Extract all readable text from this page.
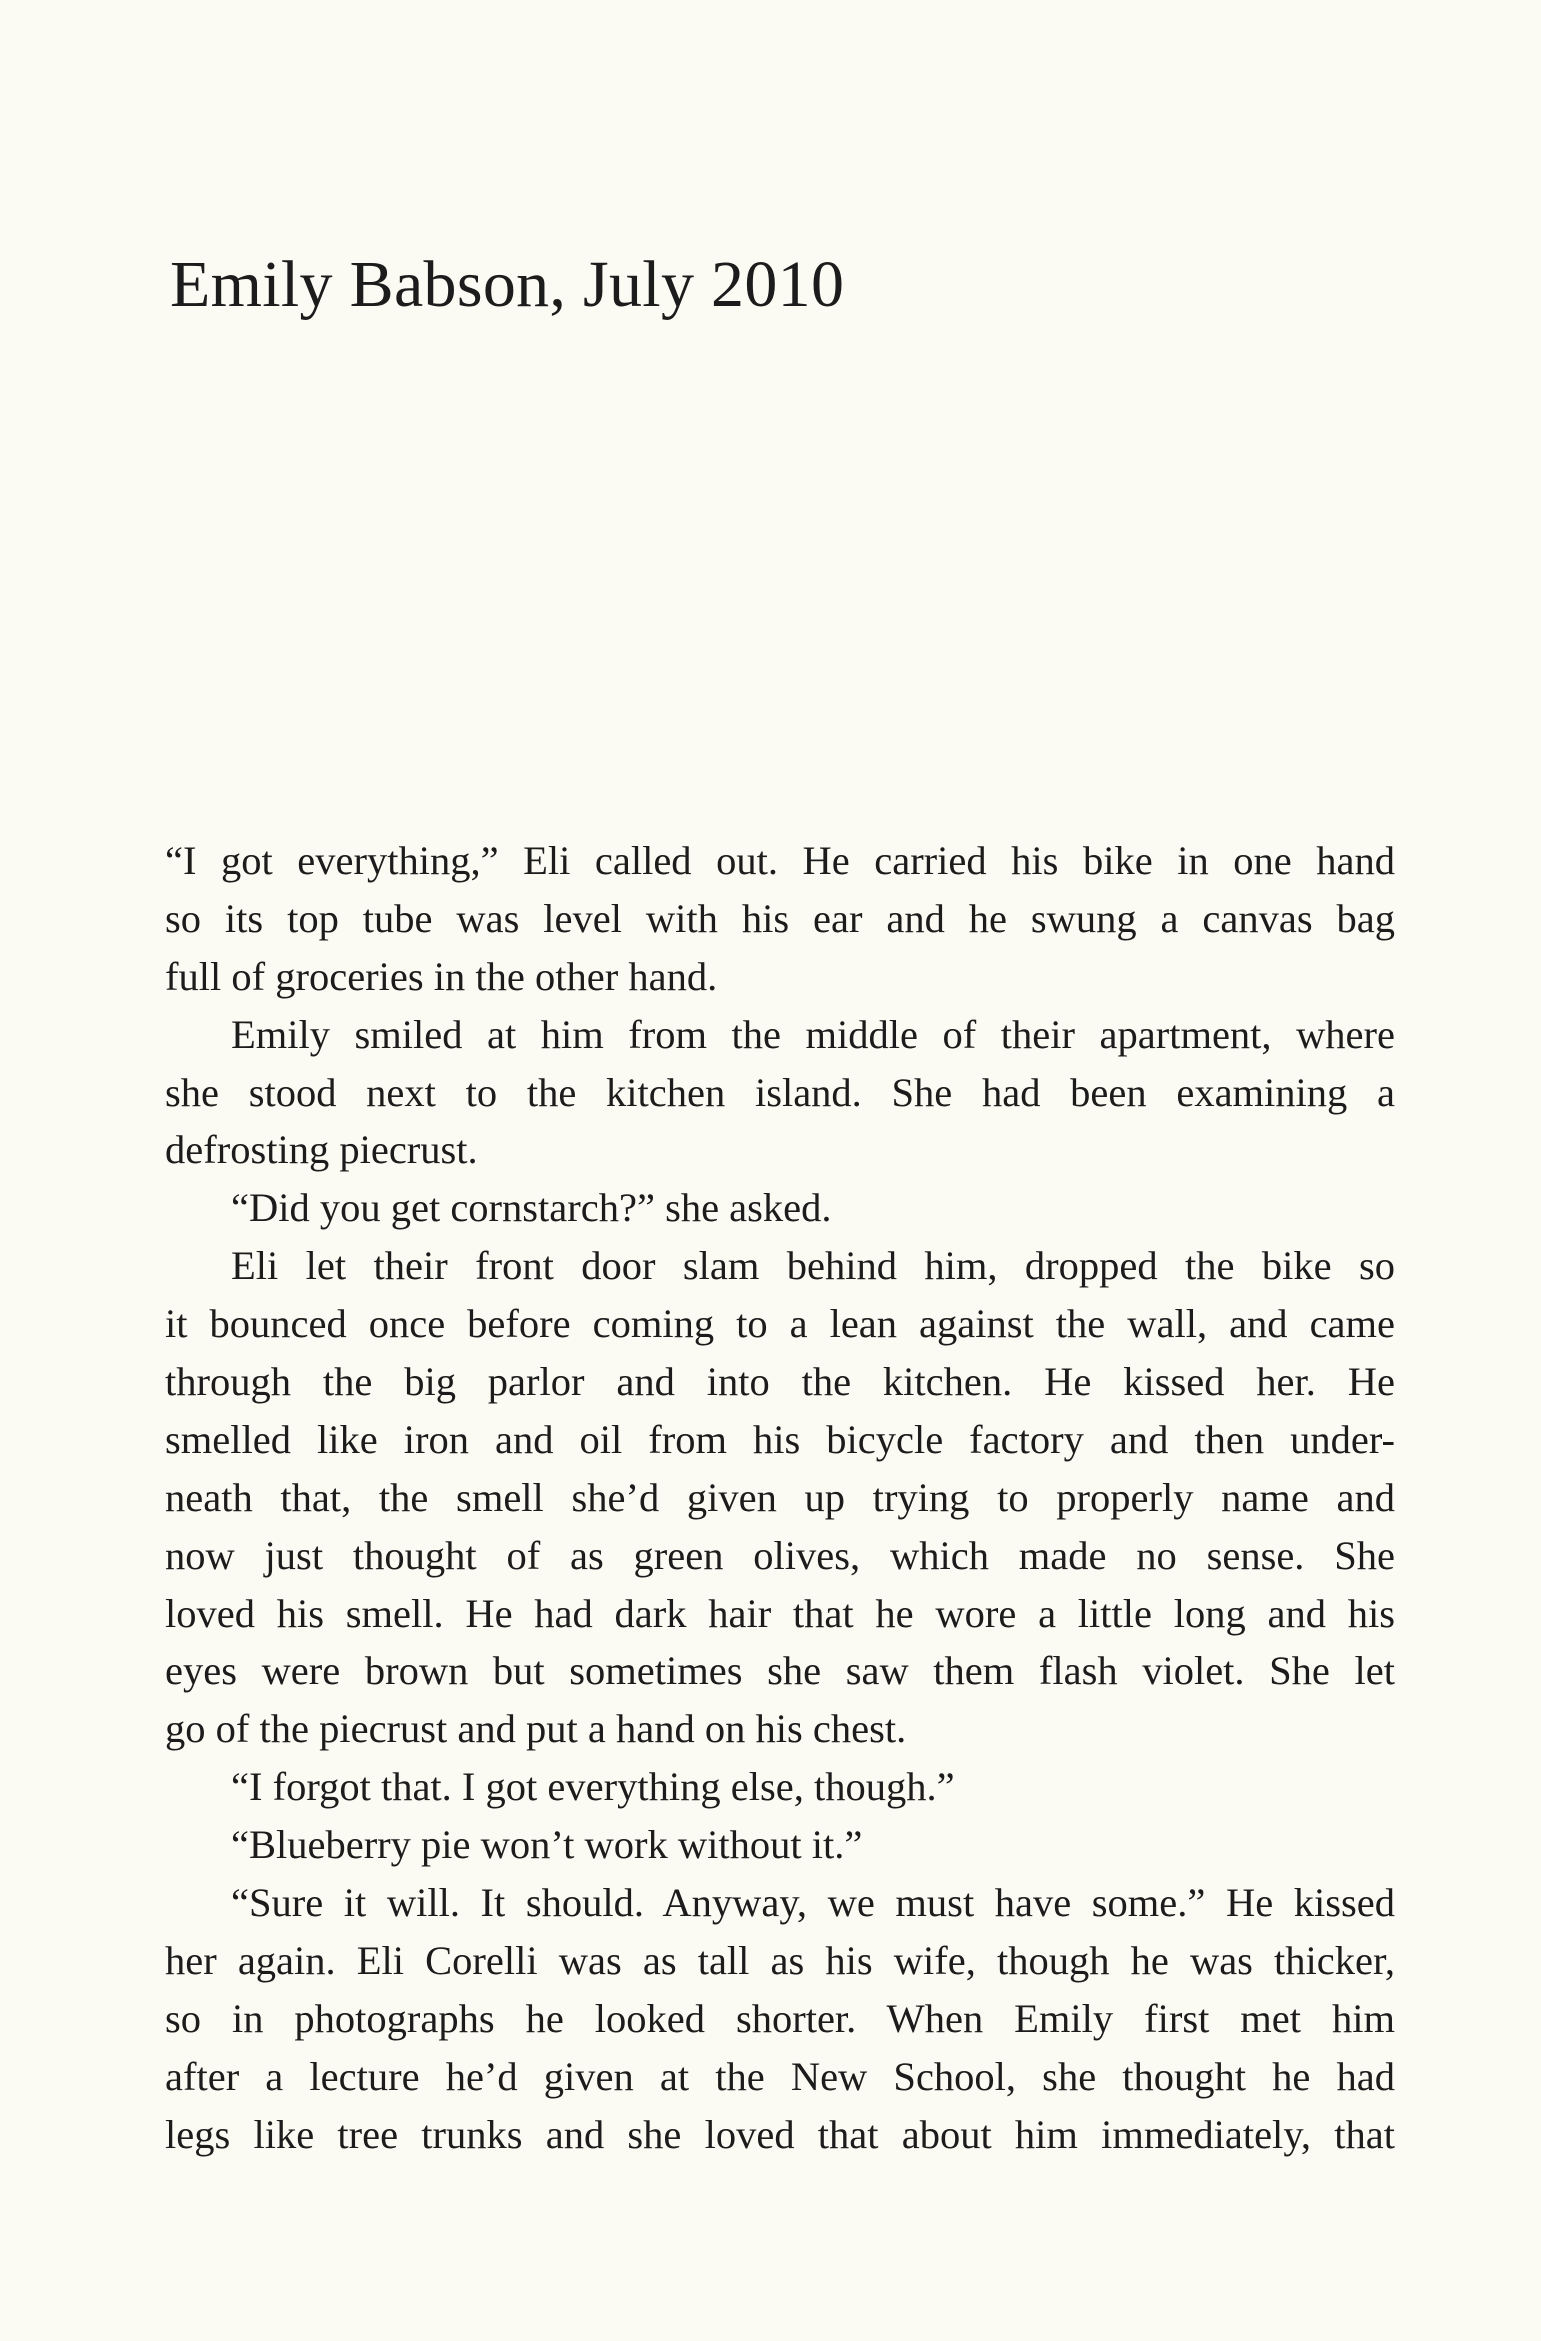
Emily Babson, July 2010
“I got everything,” Eli called out. He carried his bike in one hand
so its top tube was level with his ear and he swung a canvas bag
full of groceries in the other hand.
Emily smiled at him from the middle of their apartment, where
she stood next to the kitchen island. She had been examining a
defrosting piecrust.
“Did you get cornstarch?” she asked.
Eli let their front door slam behind him, dropped the bike so
it bounced once before coming to a lean against the wall, and came
through the big parlor and into the kitchen. He kissed her. He
smelled like iron and oil from his bicycle factory and then under-
neath that, the smell she’d given up trying to properly name and
now just thought of as green olives, which made no sense. She
loved his smell. He had dark hair that he wore a little long and his
eyes were brown but sometimes she saw them flash violet. She let
go of the piecrust and put a hand on his chest.
“I forgot that. I got everything else, though.”
“Blueberry pie won’t work without it.”
“Sure it will. It should. Anyway, we must have some.” He kissed
her again. Eli Corelli was as tall as his wife, though he was thicker,
so in photographs he looked shorter. When Emily first met him
after a lecture he’d given at the New School, she thought he had
legs like tree trunks and she loved that about him immediately, that
